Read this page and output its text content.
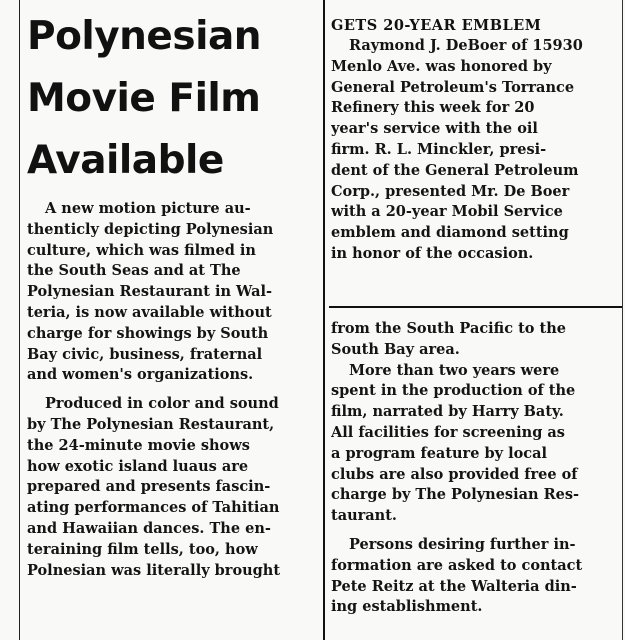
Polynesian
Movie Film
Available

A new motion picture au-
thenticly depicting Polynesian
culture, which was filmed in
the South Seas and at The
Polynesian Restaurant in Wal-
teria, is now available without
charge for showings by South
Bay civic, business, fraternal
and women's organizations.

Produced in color and sound
by The Polynesian Restaurant,
the 24-minute movie shows
how exotic island luaus are
prepared and presents fascin-
ating performances of Tahitian
and Hawaiian dances. The en-
teraining film tells, too, how
Polnesian was literally brought

GETS 20-YEAR EMBLEM

Raymond J. DeBoer of 15930
Menlo Ave. was honored by
General Petroleum's Torrance
Refinery this week for 20
year's service with the oil
firm. R. L. Minckler, presi-
dent of the General Petroleum
Corp., presented Mr. De Boer
with a 20-year Mobil Service
emblem and diamond setting
in honor of the occasion.

from the South Pacific to the
South Bay area.

More than two years were
spent in the production of the
film, narrated by Harry Baty.
All facilities for screening as
a program feature by local
clubs are also provided free of
charge by The Polynesian Res-
taurant.

Persons desiring further in-
formation are asked to contact
Pete Reitz at the Walteria din-
ing establishment.
